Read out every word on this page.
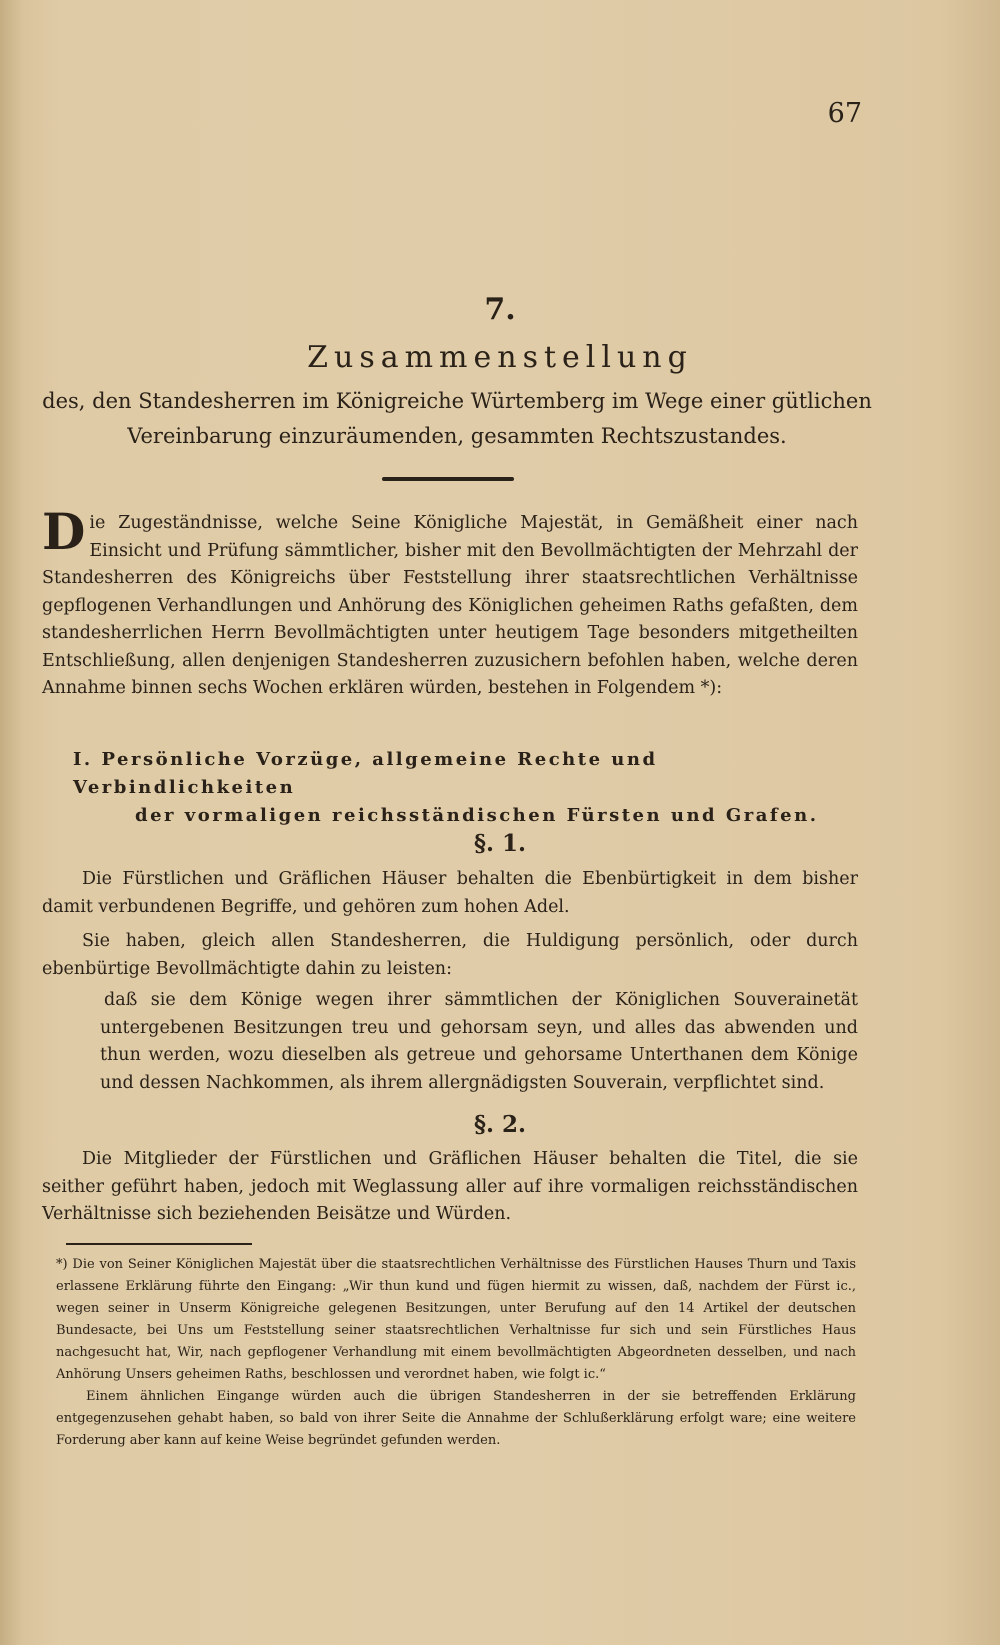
67
7.
Zusammenstellung
des, den Standesherren im Königreiche Würtemberg im Wege einer gütlichen
Vereinbarung einzuräumenden, gesammten Rechtszustandes.
Die Zugeständnisse, welche Seine Königliche Majestät, in Gemäßheit einer nach Einsicht und Prüfung sämmtlicher, bisher mit den Bevollmächtigten der Mehrzahl der Standesherren des Königreichs über Feststellung ihrer staatsrechtlichen Verhältnisse gepflogenen Verhandlungen und Anhörung des Königlichen geheimen Raths gefaßten, dem standesherrlichen Herrn Bevollmächtigten unter heutigem Tage besonders mitgetheilten Entschließung, allen denjenigen Standesherren zuzusichern befohlen haben, welche deren Annahme binnen sechs Wochen erklären würden, bestehen in Folgendem *):
I. Persönliche Vorzüge, allgemeine Rechte und Verbindlichkeiten
der vormaligen reichsständischen Fürsten und Grafen.
§. 1.
Die Fürstlichen und Gräflichen Häuser behalten die Ebenbürtigkeit in dem bisher damit verbundenen Begriffe, und gehören zum hohen Adel.
Sie haben, gleich allen Standesherren, die Huldigung persönlich, oder durch ebenbürtige Bevollmächtigte dahin zu leisten:
daß sie dem Könige wegen ihrer sämmtlichen der Königlichen Souverainetät untergebenen Besitzungen treu und gehorsam seyn, und alles das abwenden und thun werden, wozu dieselben als getreue und gehorsame Unterthanen dem Könige und dessen Nachkommen, als ihrem allergnädigsten Souverain, verpflichtet sind.
§. 2.
Die Mitglieder der Fürstlichen und Gräflichen Häuser behalten die Titel, die sie seither geführt haben, jedoch mit Weglassung aller auf ihre vormaligen reichsständischen Verhältnisse sich beziehenden Beisätze und Würden.

*) Die von Seiner Königlichen Majestät über die staatsrechtlichen Verhältnisse des Fürstlichen Hauses Thurn und Taxis erlassene Erklärung führte den Eingang: „Wir thun kund und fügen hiermit zu wissen, daß, nachdem der Fürst ic., wegen seiner in Unserm Königreiche gelegenen Besitzungen, unter Berufung auf den 14 Artikel der deutschen Bundesacte, bei Uns um Feststellung seiner staatsrechtlichen Verhaltnisse fur sich und sein Fürstliches Haus nachgesucht hat, Wir, nach gepflogener Verhandlung mit einem bevollmächtigten Abgeordneten desselben, und nach Anhörung Unsers geheimen Raths, beschlossen und verordnet haben, wie folgt ic.“

Einem ähnlichen Eingange würden auch die übrigen Standesherren in der sie betreffenden Erklärung entgegenzusehen gehabt haben, so bald von ihrer Seite die Annahme der Schlußerklärung erfolgt ware; eine weitere Forderung aber kann auf keine Weise begründet gefunden werden.
